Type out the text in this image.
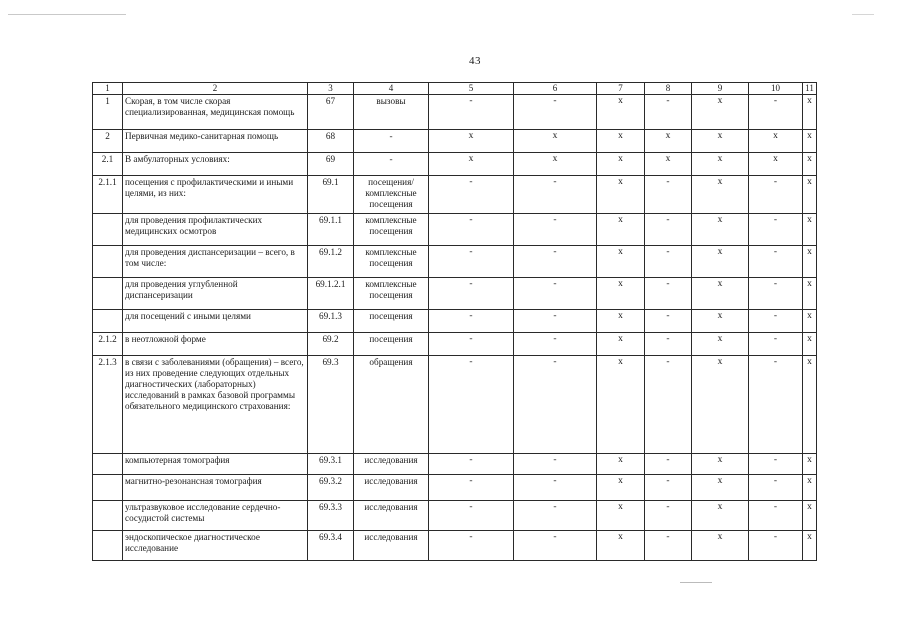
43
1	2	3	4	5	6	7	8	9	10	11
1	Скорая, в том числе скорая специализированная, медицинская помощь	67	вызовы	-	-	х	-	х	-	х
2	Первичная медико-санитарная помощь	68	-	х	х	х	х	х	х	х
2.1	В амбулаторных условиях:	69	-	х	х	х	х	х	х	х
2.1.1	посещения с профилактическими и иными целями, из них:	69.1	посещения/ комплексные посещения	-	-	х	-	х	-	х
	для проведения профилактических медицинских осмотров	69.1.1	комплексные посещения	-	-	х	-	х	-	х
	для проведения диспансеризации – всего, в том числе:	69.1.2	комплексные посещения	-	-	х	-	х	-	х
	для проведения углубленной диспансеризации	69.1.2.1	комплексные посещения	-	-	х	-	х	-	х
	для посещений с иными целями	69.1.3	посещения	-	-	х	-	х	-	х
2.1.2	в неотложной форме	69.2	посещения	-	-	х	-	х	-	х
2.1.3	в связи с заболеваниями (обращения) – всего, из них проведение следующих отдельных диагностических (лабораторных) исследований в рамках базовой программы обязательного медицинского страхования:	69.3	обращения	-	-	х	-	х	-	х
	компьютерная томография	69.3.1	исследования	-	-	х	-	х	-	х
	магнитно-резонансная томография	69.3.2	исследования	-	-	х	-	х	-	х
	ультразвуковое исследование сердечно-сосудистой системы	69.3.3	исследования	-	-	х	-	х	-	х
	эндоскопическое диагностическое исследование	69.3.4	исследования	-	-	х	-	х	-	х
